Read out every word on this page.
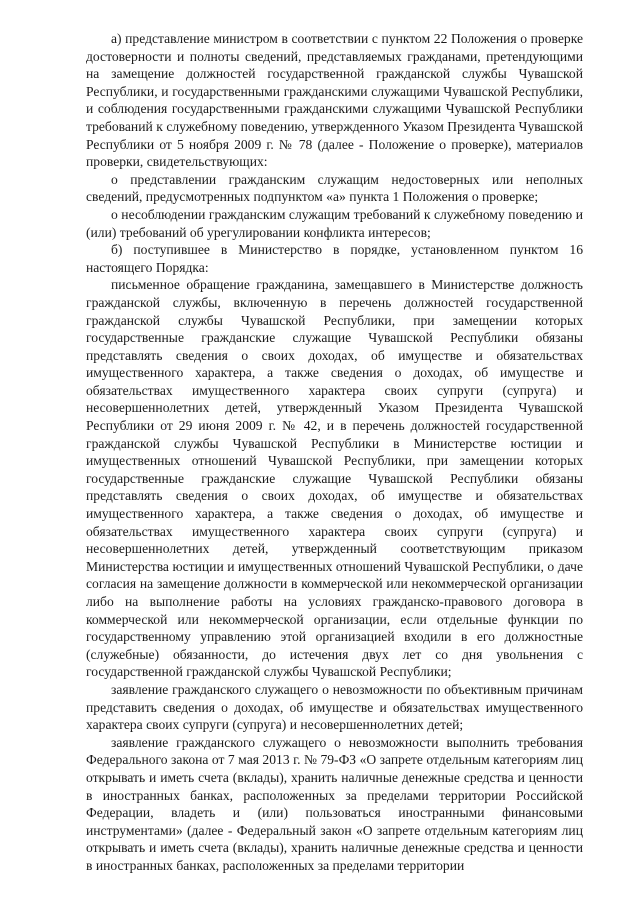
а) представление министром в соответствии с пунктом 22 Положения о проверке достоверности и полноты сведений, представляемых гражданами, претендующими на замещение должностей государственной гражданской службы Чувашской Республики, и государственными гражданскими служащими Чувашской Республики, и соблюдения государственными гражданскими служащими Чувашской Республики требований к служебному поведению, утвержденного Указом Президента Чувашской Республики от 5 ноября 2009 г. № 78 (далее - Положение о проверке), материалов проверки, свидетельствующих:

о представлении гражданским служащим недостоверных или неполных сведений, предусмотренных подпунктом «а» пункта 1 Положения о проверке;

о несоблюдении гражданским служащим требований к служебному поведению и (или) требований об урегулировании конфликта интересов;

б) поступившее в Министерство в порядке, установленном пунктом 16 настоящего Порядка:

письменное обращение гражданина, замещавшего в Министерстве должность гражданской службы, включенную в перечень должностей государственной гражданской службы Чувашской Республики, при замещении которых государственные гражданские служащие Чувашской Республики обязаны представлять сведения о своих доходах, об имуществе и обязательствах имущественного характера, а также сведения о доходах, об имуществе и обязательствах имущественного характера своих супруги (супруга) и несовершеннолетних детей, утвержденный Указом Президента Чувашской Республики от 29 июня 2009 г. № 42, и в перечень должностей государственной гражданской службы Чувашской Республики в Министерстве юстиции и имущественных отношений Чувашской Республики, при замещении которых государственные гражданские служащие Чувашской Республики обязаны представлять сведения о своих доходах, об имуществе и обязательствах имущественного характера, а также сведения о доходах, об имуществе и обязательствах имущественного характера своих супруги (супруга) и несовершеннолетних детей, утвержденный соответствующим приказом Министерства юстиции и имущественных отношений Чувашской Республики, о даче согласия на замещение должности в коммерческой или некоммерческой организации либо на выполнение работы на условиях гражданско-правового договора в коммерческой или некоммерческой организации, если отдельные функции по государственному управлению этой организацией входили в его должностные (служебные) обязанности, до истечения двух лет со дня увольнения с государственной гражданской службы Чувашской Республики;

заявление гражданского служащего о невозможности по объективным причинам представить сведения о доходах, об имуществе и обязательствах имущественного характера своих супруги (супруга) и несовершеннолетних детей;

заявление гражданского служащего о невозможности выполнить требования Федерального закона от 7 мая 2013 г. № 79-ФЗ «О запрете отдельным категориям лиц открывать и иметь счета (вклады), хранить наличные денежные средства и ценности в иностранных банках, расположенных за пределами территории Российской Федерации, владеть и (или) пользоваться иностранными финансовыми инструментами» (далее - Федеральный закон «О запрете отдельным категориям лиц открывать и иметь счета (вклады), хранить наличные денежные средства и ценности в иностранных банках, расположенных за пределами территории
